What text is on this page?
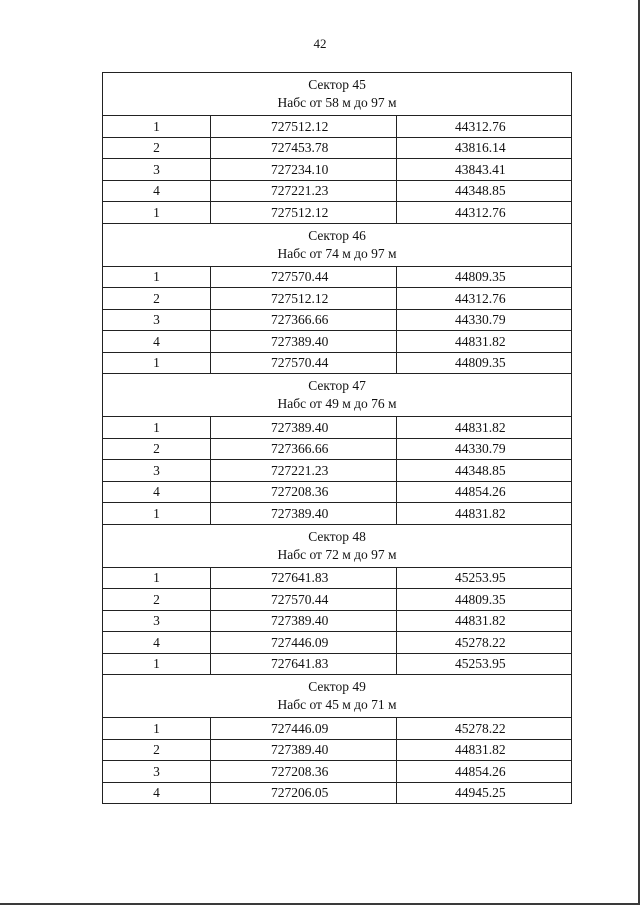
42
Сектор 45
Набс от 58 м до 97 м		

1	727512.12	44312.76
2	727453.78	43816.14
3	727234.10	43843.41
4	727221.23	44348.85
1	727512.12	44312.76

Сектор 46
Набс от 74 м до 97 м		

1	727570.44	44809.35
2	727512.12	44312.76
3	727366.66	44330.79
4	727389.40	44831.82
1	727570.44	44809.35

Сектор 47
Набс от 49 м до 76 м		

1	727389.40	44831.82
2	727366.66	44330.79
3	727221.23	44348.85
4	727208.36	44854.26
1	727389.40	44831.82

Сектор 48
Набс от 72 м до 97 м		

1	727641.83	45253.95
2	727570.44	44809.35
3	727389.40	44831.82
4	727446.09	45278.22
1	727641.83	45253.95

Сектор 49
Набс от 45 м до 71 м		

1	727446.09	45278.22
2	727389.40	44831.82
3	727208.36	44854.26
4	727206.05	44945.25
